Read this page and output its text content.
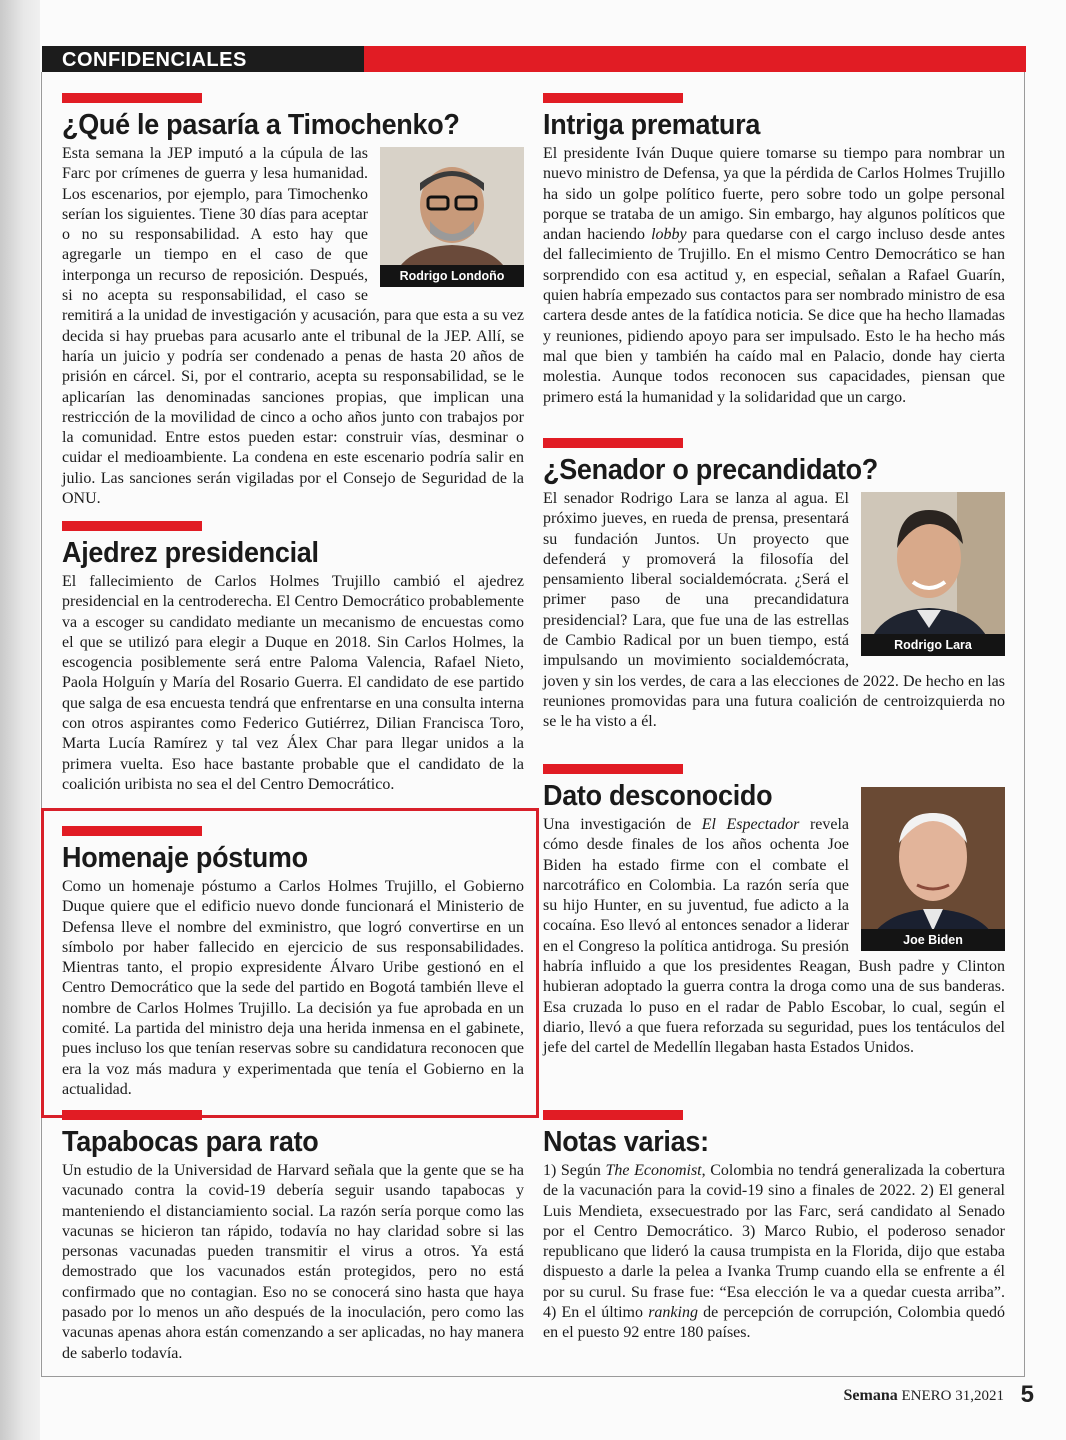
CONFIDENCIALES
¿Qué le pasaría a Timochenko?
Rodrigo Londoño

Esta semana la JEP imputó a la cúpula de las Farc por crímenes de guerra y lesa humanidad. Los escenarios, por ejemplo, para Timochenko serían los siguientes. Tiene 30 días para aceptar o no su responsabilidad. A esto hay que agregarle un tiempo en el caso de que interponga un recurso de reposición. Después, si no acepta su responsabilidad, el caso se remitirá a la unidad de investigación y acusación, para que esta a su vez decida si hay pruebas para acusarlo ante el tribunal de la JEP. Allí, se haría un juicio y podría ser condenado a penas de hasta 20 años de prisión en cárcel. Si, por el contrario, acepta su responsabilidad, se le aplicarían las denominadas sanciones propias, que implican una restricción de la movilidad de cinco a ocho años junto con trabajos por la comunidad. Entre estos pueden estar: construir vías, desminar o cuidar el medioambiente. La condena en este escenario podría salir en julio. Las sanciones serán vigiladas por el Consejo de Seguridad de la ONU.

Ajedrez presidencial

El fallecimiento de Carlos Holmes Trujillo cambió el ajedrez presidencial en la centroderecha. El Centro Democrático probablemente va a escoger su candidato mediante un mecanismo de encuestas como el que se utilizó para elegir a Duque en 2018. Sin Carlos Holmes, la escogencia posiblemente será entre Paloma Valencia, Rafael Nieto, Paola Holguín y María del Rosario Guerra. El candidato de ese partido que salga de esa encuesta tendrá que enfrentarse en una consulta interna con otros aspirantes como Federico Gutiérrez, Dilian Francisca Toro, Marta Lucía Ramírez y tal vez Álex Char para llegar unidos a la primera vuelta. Eso hace bastante probable que el candidato de la coalición uribista no sea el del Centro Democrático.

Homenaje póstumo

Como un homenaje póstumo a Carlos Holmes Trujillo, el Gobierno Duque quiere que el edificio nuevo donde funcionará el Ministerio de Defensa lleve el nombre del exministro, que logró convertirse en un símbolo por haber fallecido en ejercicio de sus responsabilidades. Mientras tanto, el propio expresidente Álvaro Uribe gestionó en el Centro Democrático que la sede del partido en Bogotá también lleve el nombre de Carlos Holmes Trujillo. La decisión ya fue aprobada en un comité. La partida del ministro deja una herida inmensa en el gabinete, pues incluso los que tenían reservas sobre su candidatura reconocen que era la voz más madura y experimentada que tenía el Gobierno en la actualidad.

Tapabocas para rato

Un estudio de la Universidad de Harvard señala que la gente que se ha vacunado contra la covid-19 debería seguir usando tapabocas y manteniendo el distanciamiento social. La razón sería porque como las vacunas se hicieron tan rápido, todavía no hay claridad sobre si las personas vacunadas pueden transmitir el virus a otros. Ya está demostrado que los vacunados están protegidos, pero no está confirmado que no contagian. Eso no se conocerá sino hasta que haya pasado por lo menos un año después de la inoculación, pero como las vacunas apenas ahora están comenzando a ser aplicadas, no hay manera de saberlo todavía.

Intriga prematura

El presidente Iván Duque quiere tomarse su tiempo para nombrar un nuevo ministro de Defensa, ya que la pérdida de Carlos Holmes Trujillo ha sido un golpe político fuerte, pero sobre todo un golpe personal porque se trataba de un amigo. Sin embargo, hay algunos políticos que andan haciendo lobby para quedarse con el cargo incluso desde antes del fallecimiento de Trujillo. En el mismo Centro Democrático se han sorprendido con esa actitud y, en especial, señalan a Rafael Guarín, quien habría empezado sus contactos para ser nombrado ministro de esa cartera desde antes de la fatídica noticia. Se dice que ha hecho llamadas y reuniones, pidiendo apoyo para ser impulsado. Esto le ha hecho más mal que bien y también ha caído mal en Palacio, donde hay cierta molestia. Aunque todos reconocen sus capacidades, piensan que primero está la humanidad y la solidaridad que un cargo.

¿Senador o precandidato?
Rodrigo Lara

El senador Rodrigo Lara se lanza al agua. El próximo jueves, en rueda de prensa, presentará su fundación Juntos. Un proyecto que defenderá y promoverá la filosofía del pensamiento liberal socialdemócrata. ¿Será el primer paso de una precandidatura presidencial? Lara, que fue una de las estrellas de Cambio Radical por un buen tiempo, está impulsando un movimiento socialdemócrata, joven y sin los verdes, de cara a las elecciones de 2022. De hecho en las reuniones promovidas para una futura coalición de centroizquierda no se le ha visto a él.

Dato desconocido
Joe Biden

Una investigación de El Espectador revela cómo desde finales de los años ochenta Joe Biden ha estado firme con el combate el narcotráfico en Colombia. La razón sería que su hijo Hunter, en su juventud, fue adicto a la cocaína. Eso llevó al entonces senador a liderar en el Congreso la política antidroga. Su presión habría influido a que los presidentes Reagan, Bush padre y Clinton hubieran adoptado la guerra contra la droga como una de sus banderas. Esa cruzada lo puso en el radar de Pablo Escobar, lo cual, según el diario, llevó a que fuera reforzada su seguridad, pues los tentáculos del jefe del cartel de Medellín llegaban hasta Estados Unidos.

Notas varias:

1) Según The Economist, Colombia no tendrá generalizada la cobertura de la vacunación para la covid-19 sino a finales de 2022. 2) El general Luis Mendieta, exsecuestrado por las Farc, será candidato al Senado por el Centro Democrático. 3) Marco Rubio, el poderoso senador republicano que lideró la causa trumpista en la Florida, dijo que estaba dispuesto a darle la pelea a Ivanka Trump cuando ella se enfrente a él por su curul. Su frase fue: “Esa elección le va a quedar cuesta arriba”. 4) En el último ranking de percepción de corrupción, Colombia quedó en el puesto 92 entre 180 países.

Semana ENERO 31,2021 5
